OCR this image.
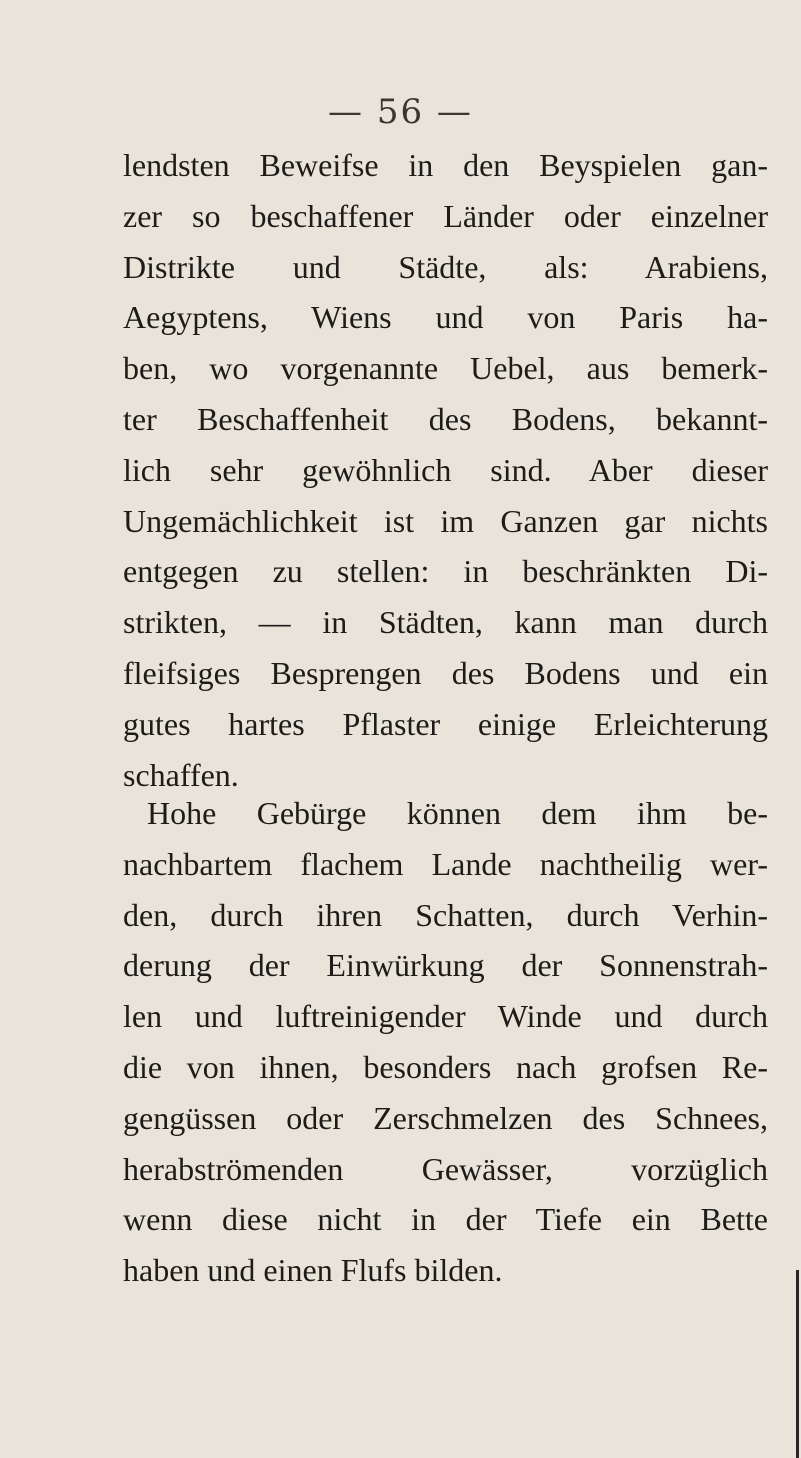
— 56 —

lendsten Beweifse in den Beyspielen gan-
zer so beschaffener Länder oder einzelner
Distrikte und Städte, als: Arabiens,
Aegyptens, Wiens und von Paris ha-
ben, wo vorgenannte Uebel, aus bemerk-
ter Beschaffenheit des Bodens, bekannt-
lich sehr gewöhnlich sind. Aber dieser
Ungemächlichkeit ist im Ganzen gar nichts
entgegen zu stellen: in beschränkten Di-
strikten, — in Städten, kann man durch
fleifsiges Besprengen des Bodens und ein
gutes hartes Pflaster einige Erleichterung
schaffen.

Hohe Gebürge können dem ihm be-
nachbartem flachem Lande nachtheilig wer-
den, durch ihren Schatten, durch Verhin-
derung der Einwürkung der Sonnenstrah-
len und luftreinigender Winde und durch
die von ihnen, besonders nach grofsen Re-
gengüssen oder Zerschmelzen des Schnees,
herabströmenden Gewässer, vorzüglich
wenn diese nicht in der Tiefe ein Bette
haben und einen Flufs bilden.
